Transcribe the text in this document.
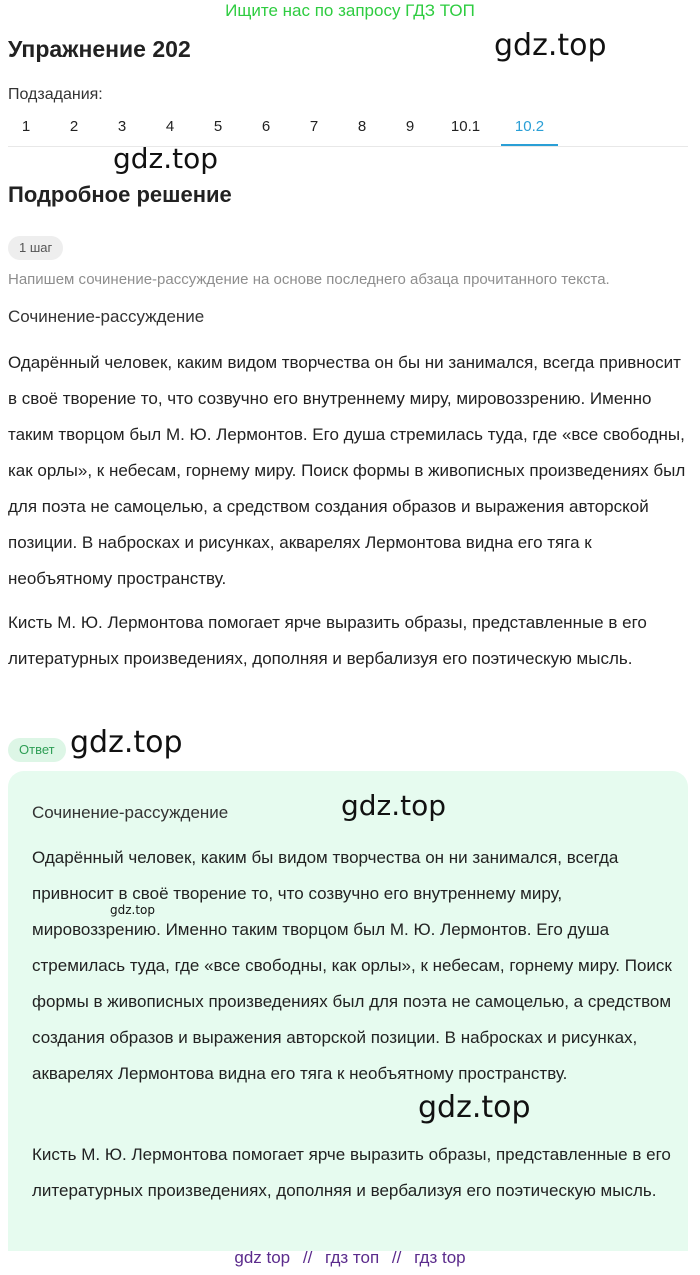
Ищите нас по запросу ГДЗ ТОП
Упражнение 202	gdz.top
Подзадания:
1	2	3	4	5	6	7	8	9	10.1	10.2
gdz.top
Подробное решение
1 шаг
Напишем сочинение-рассуждение на основе последнего абзаца прочитанного текста.
Сочинение-рассуждение

Одарённый человек, каким видом творчества он бы ни занимался, всегда привносит в своё творение то, что созвучно его внутреннему миру, мировоззрению. Именно таким творцом был М. Ю. Лермонтов. Его душа стремилась туда, где «все свободны, как орлы», к небесам, горнему миру. Поиск формы в живописных произведениях был для поэта не самоцелью, а средством создания образов и выражения авторской позиции. В набросках и рисунках, акварелях Лермонтова видна его тяга к необъятному пространству.

Кисть М. Ю. Лермонтова помогает ярче выразить образы, представленные в его литературных произведениях, дополняя и вербализуя его поэтическую мысль.

Ответ gdz.top
Сочинение-рассуждение	gdz.top

Одарённый человек, каким бы видом творчества он ни занимался, всегда привносит в своё творение то, что созвучно его внутреннему миру, мировоззрению. Именно таким творцом был М. Ю. Лермонтов. Его душа стремилась туда, где «все свободны, как орлы», к небесам, горнему миру. Поиск формы в живописных произведениях был для поэта не самоцелью, а средством создания образов и выражения авторской позиции. В набросках и рисунках, акварелях Лермонтова видна его тяга к необъятному пространству.

gdz.top
gdz.top

Кисть М. Ю. Лермонтова помогает ярче выразить образы, представленные в его литературных произведениях, дополняя и вербализуя его поэтическую мысль.

gdz top // гдз топ // гдз top
